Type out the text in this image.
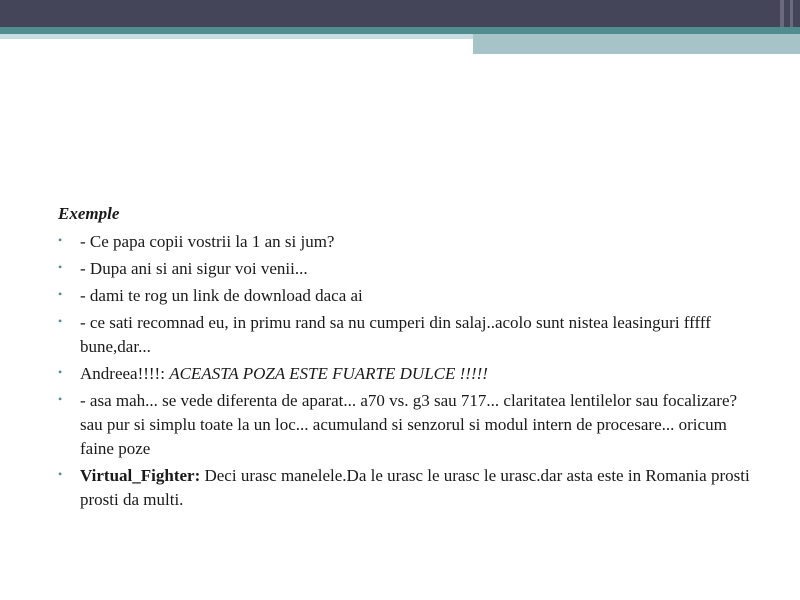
Exemple
• - Ce papa copii vostrii la 1 an si jum?
• - Dupa ani si ani sigur voi venii...
• - dami te rog un link de download daca ai
• - ce sati recomnad eu, in primu rand sa nu cumperi din salaj..acolo sunt nistea leasinguri fffff bune,dar...
• Andreea!!!!: ACEASTA POZA ESTE FUARTE DULCE !!!!!
• - asa mah... se vede diferenta de aparat... a70 vs. g3 sau 717... claritatea lentilelor sau focalizare? sau pur si simplu toate la un loc... acumuland si senzorul si modul intern de procesare... oricum faine poze
• Virtual_Fighter: Deci urasc manelele.Da le urasc le urasc le urasc.dar asta este in Romania prosti prosti da multi.
